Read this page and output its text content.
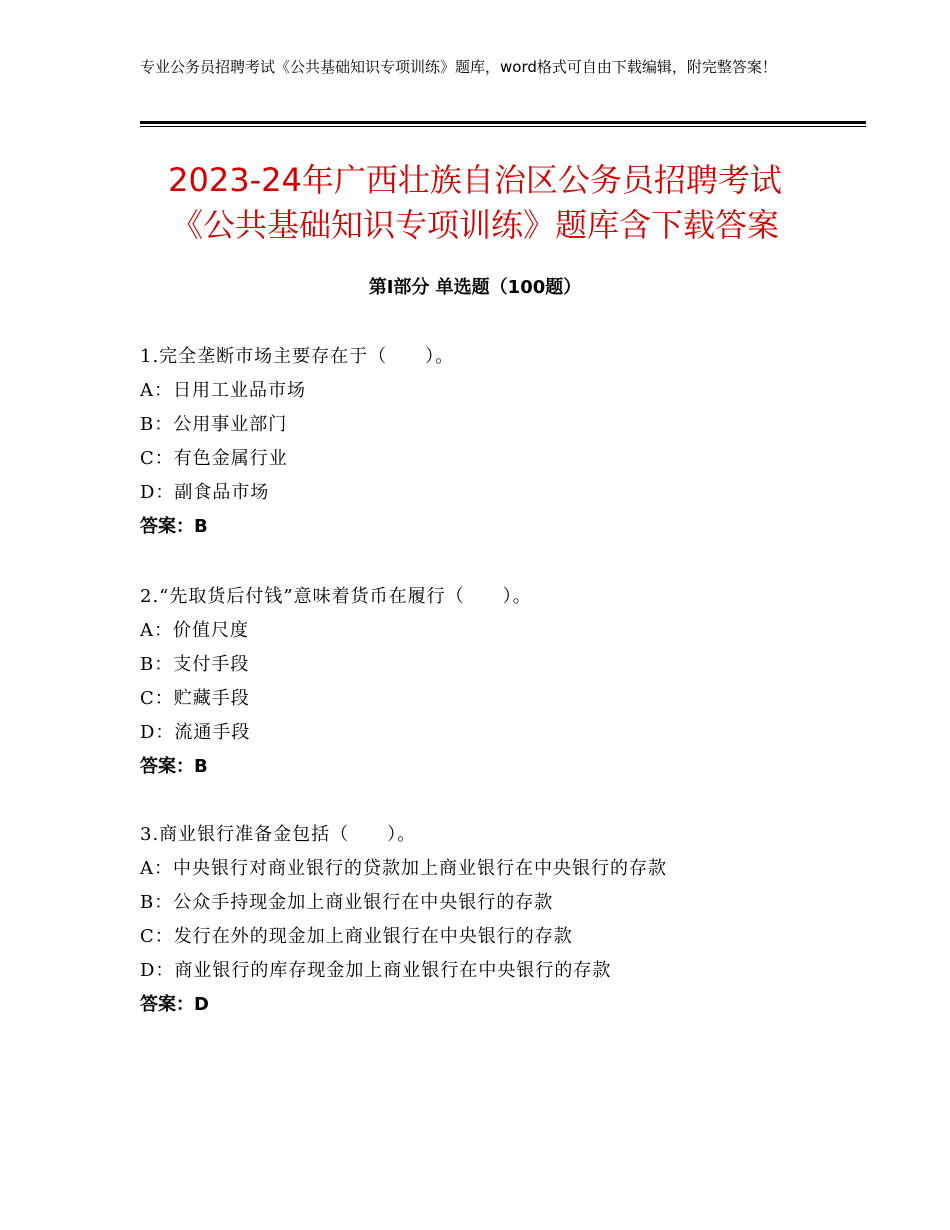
专业公务员招聘考试《公共基础知识专项训练》题库，word格式可自由下载编辑，附完整答案！
2023-24年广西壮族自治区公务员招聘考试
《公共基础知识专项训练》题库含下载答案
第Ⅰ部分 单选题（100题）
1.完全垄断市场主要存在于（　　）。
A：日用工业品市场
B：公用事业部门
C：有色金属行业
D：副食品市场
答案：B
2.“先取货后付钱”意味着货币在履行（　　）。
A：价值尺度
B：支付手段
C：贮藏手段
D：流通手段
答案：B
3.商业银行准备金包括（　　）。
A：中央银行对商业银行的贷款加上商业银行在中央银行的存款
B：公众手持现金加上商业银行在中央银行的存款
C：发行在外的现金加上商业银行在中央银行的存款
D：商业银行的库存现金加上商业银行在中央银行的存款
答案：D
